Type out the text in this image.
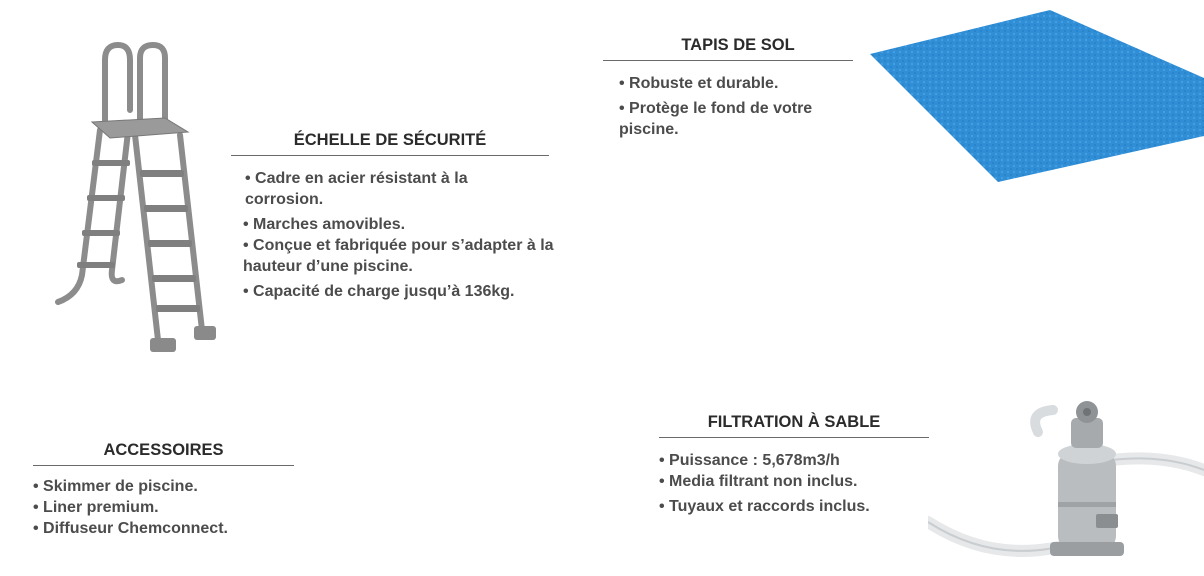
ÉCHELLE DE SÉCURITÉ
• Cadre en acier résistant à la corrosion.
• Marches amovibles.
• Conçue et fabriquée pour s’adapter à la hauteur d’une piscine.
• Capacité de charge jusqu’à 136kg.
TAPIS DE SOL
• Robuste et durable.
• Protège le fond de votre piscine.
ACCESSOIRES
• Skimmer de piscine.
• Liner premium.
• Diffuseur Chemconnect.
FILTRATION À SABLE
• Puissance : 5,678m3/h
• Media filtrant non inclus.
• Tuyaux et raccords inclus.
